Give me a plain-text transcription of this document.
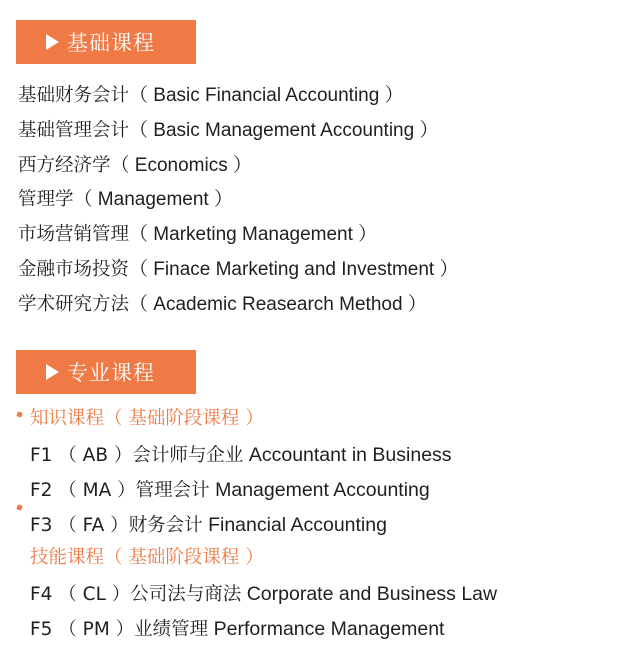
基础课程
基础财务会计（ Basic Financial Accounting ）
基础管理会计（ Basic Management Accounting ）
西方经济学（ Economics ）
管理学（ Management ）
市场营销管理（ Marketing Management ）
金融市场投资（ Finace Marketing and Investment ）
学术研究方法（ Academic Reasearch Method ）
专业课程
知识课程（ 基础阶段课程 ）
F1 （ AB ）会计师与企业 Accountant in Business
F2 （ MA ）管理会计 Management Accounting
F3 （ FA ）财务会计 Financial Accounting
技能课程（ 基础阶段课程 ）
F4 （ CL ）公司法与商法 Corporate and Business Law
F5 （ PM ）业绩管理 Performance Management
